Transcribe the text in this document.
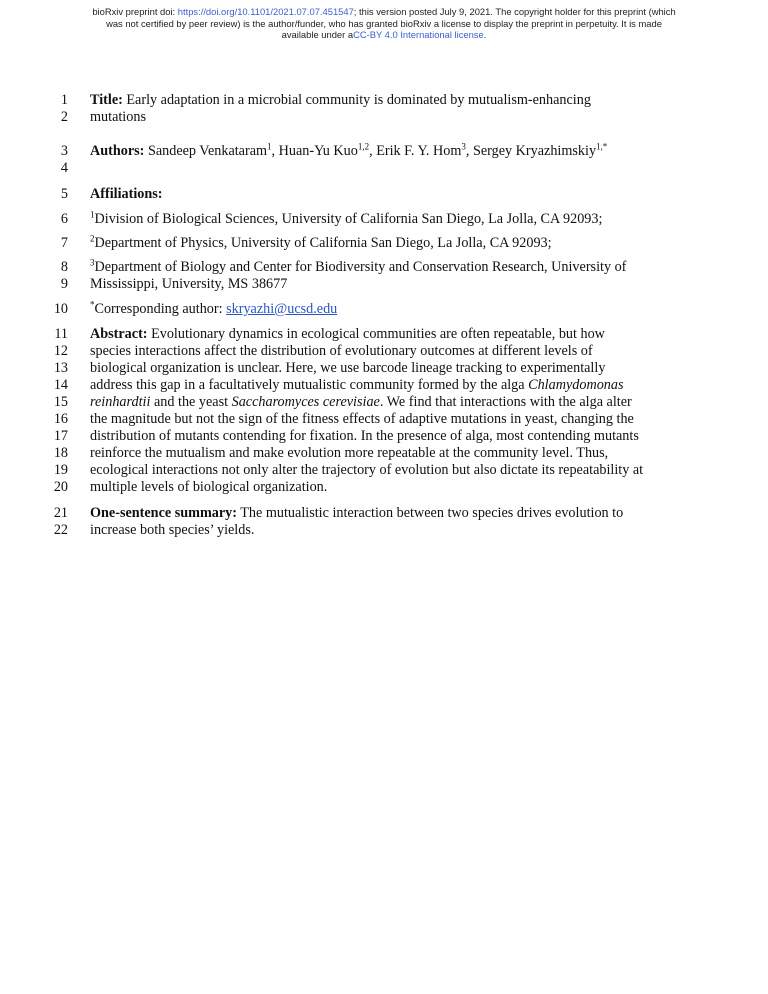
bioRxiv preprint doi: https://doi.org/10.1101/2021.07.07.451547; this version posted July 9, 2021. The copyright holder for this preprint (which
was not certified by peer review) is the author/funder, who has granted bioRxiv a license to display the preprint in perpetuity. It is made
available under aCC-BY 4.0 International license.
1
2
Title: Early adaptation in a microbial community is dominated by mutualism-enhancing
mutations
3
4
Authors: Sandeep Venkataram$^1$, Huan-Yu Kuo$^{1,2}$, Erik F. Y. Hom$^3$, Sergey Kryazhimskiy$^{1,*}$
5 Affiliations:
6 $^1$Division of Biological Sciences, University of California San Diego, La Jolla, CA 92093;
7 $^2$Department of Physics, University of California San Diego, La Jolla, CA 92093;
8
9
$^3$Department of Biology and Center for Biodiversity and Conservation Research, University of
Mississippi, University, MS 38677
10 *Corresponding author: skryazhi@ucsd.edu
11
12
13
14
15
16
17
18
19
20
Abstract: Evolutionary dynamics in ecological communities are often repeatable, but how
species interactions affect the distribution of evolutionary outcomes at different levels of
biological organization is unclear. Here, we use barcode lineage tracking to experimentally
address this gap in a facultatively mutualistic community formed by the alga Chlamydomonas
reinhardtii and the yeast Saccharomyces cerevisiae. We find that interactions with the alga alter
the magnitude but not the sign of the fitness effects of adaptive mutations in yeast, changing the
distribution of mutants contending for fixation. In the presence of alga, most contending mutants
reinforce the mutualism and make evolution more repeatable at the community level. Thus,
ecological interactions not only alter the trajectory of evolution but also dictate its repeatability at
multiple levels of biological organization.
21
22
One-sentence summary: The mutualistic interaction between two species drives evolution to
increase both species’ yields.
